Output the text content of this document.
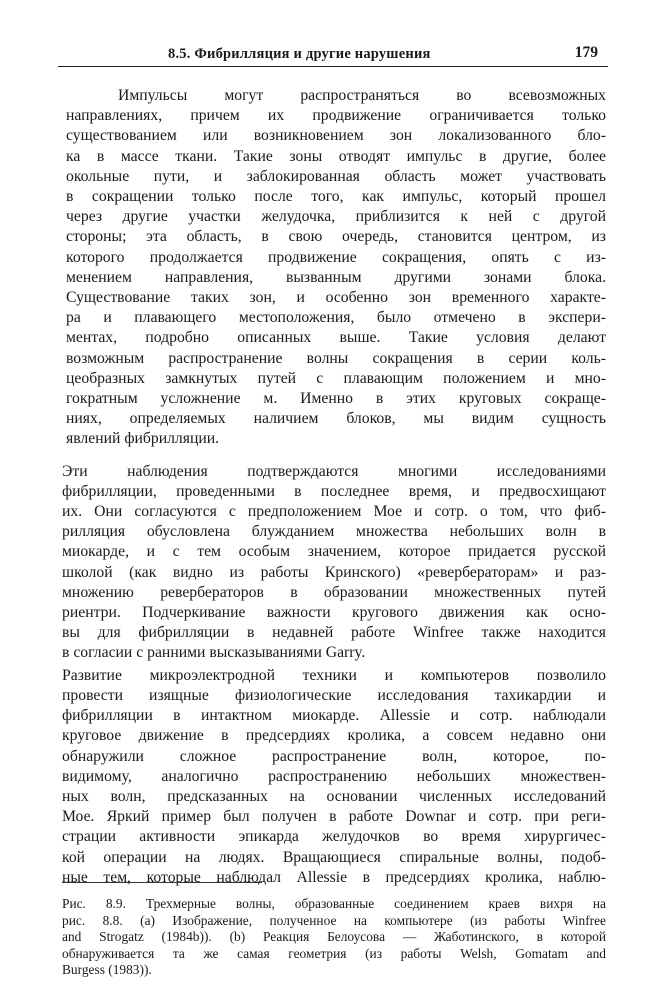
8.5. Фибрилляция и другие нарушения	179
Импульсы могут распространяться во всевозможных
направлениях, причем их продвижение ограничивается только
существованием или возникновением зон локализованного бло-
ка в массе ткани. Такие зоны отводят импульс в другие, более
окольные пути, и заблокированная область может участвовать
в сокращении только после того, как импульс, который прошел
через другие участки желудочка, приблизится к ней с другой
стороны; эта область, в свою очередь, становится центром, из
которого продолжается продвижение сокращения, опять с из-
менением направления, вызванным другими зонами блока.
Существование таких зон, и особенно зон временного характе-
ра и плавающего местоположения, было отмечено в экспери-
ментах, подробно описанных выше. Такие условия делают
возможным распространение волны сокращения в серии коль-
цеобразных замкнутых путей с плавающим положением и мно-
гократным усложнение м. Именно в этих круговых сокраще-
ниях, определяемых наличием блоков, мы видим сущность
явлений фибрилляции.
Эти наблюдения подтверждаются многими исследованиями
фибрилляции, проведенными в последнее время, и предвосхищают
их. Они согласуются с предположением Мое и сотр. о том, что фиб-
рилляция обусловлена блужданием множества небольших волн в
миокарде, и с тем особым значением, которое придается русской
школой (как видно из работы Кринского) «ревербераторам» и раз-
множению ревербераторов в образовании множественных путей
риентри. Подчеркивание важности кругового движения как осно-
вы для фибрилляции в недавней работе Winfree также находится
в согласии с ранними высказываниями Garry.
Развитие микроэлектродной техники и компьютеров позволило
провести изящные физиологические исследования тахикардии и
фибрилляции в интактном миокарде. Allessie и сотр. наблюдали
круговое движение в предсердиях кролика, а совсем недавно они
обнаружили сложное распространение волн, которое, по-
видимому, аналогично распространению небольших множествен-
ных волн, предсказанных на основании численных исследований
Мое. Яркий пример был получен в работе Downar и сотр. при реги-
страции активности эпикарда желудочков во время хирургичес-
кой операции на людях. Вращающиеся спиральные волны, подоб-
ные тем, которые наблюдал Allessie в предсердиях кролика, наблю-
Рис. 8.9. Трехмерные волны, образованные соединением краев вихря на
рис. 8.8. (a) Изображение, полученное на компьютере (из работы Winfree
and Strogatz (1984b)). (b) Реакция Белоусова — Жаботинского, в которой
обнаруживается та же самая геометрия (из работы Welsh, Gomatam and
Burgess (1983)).
